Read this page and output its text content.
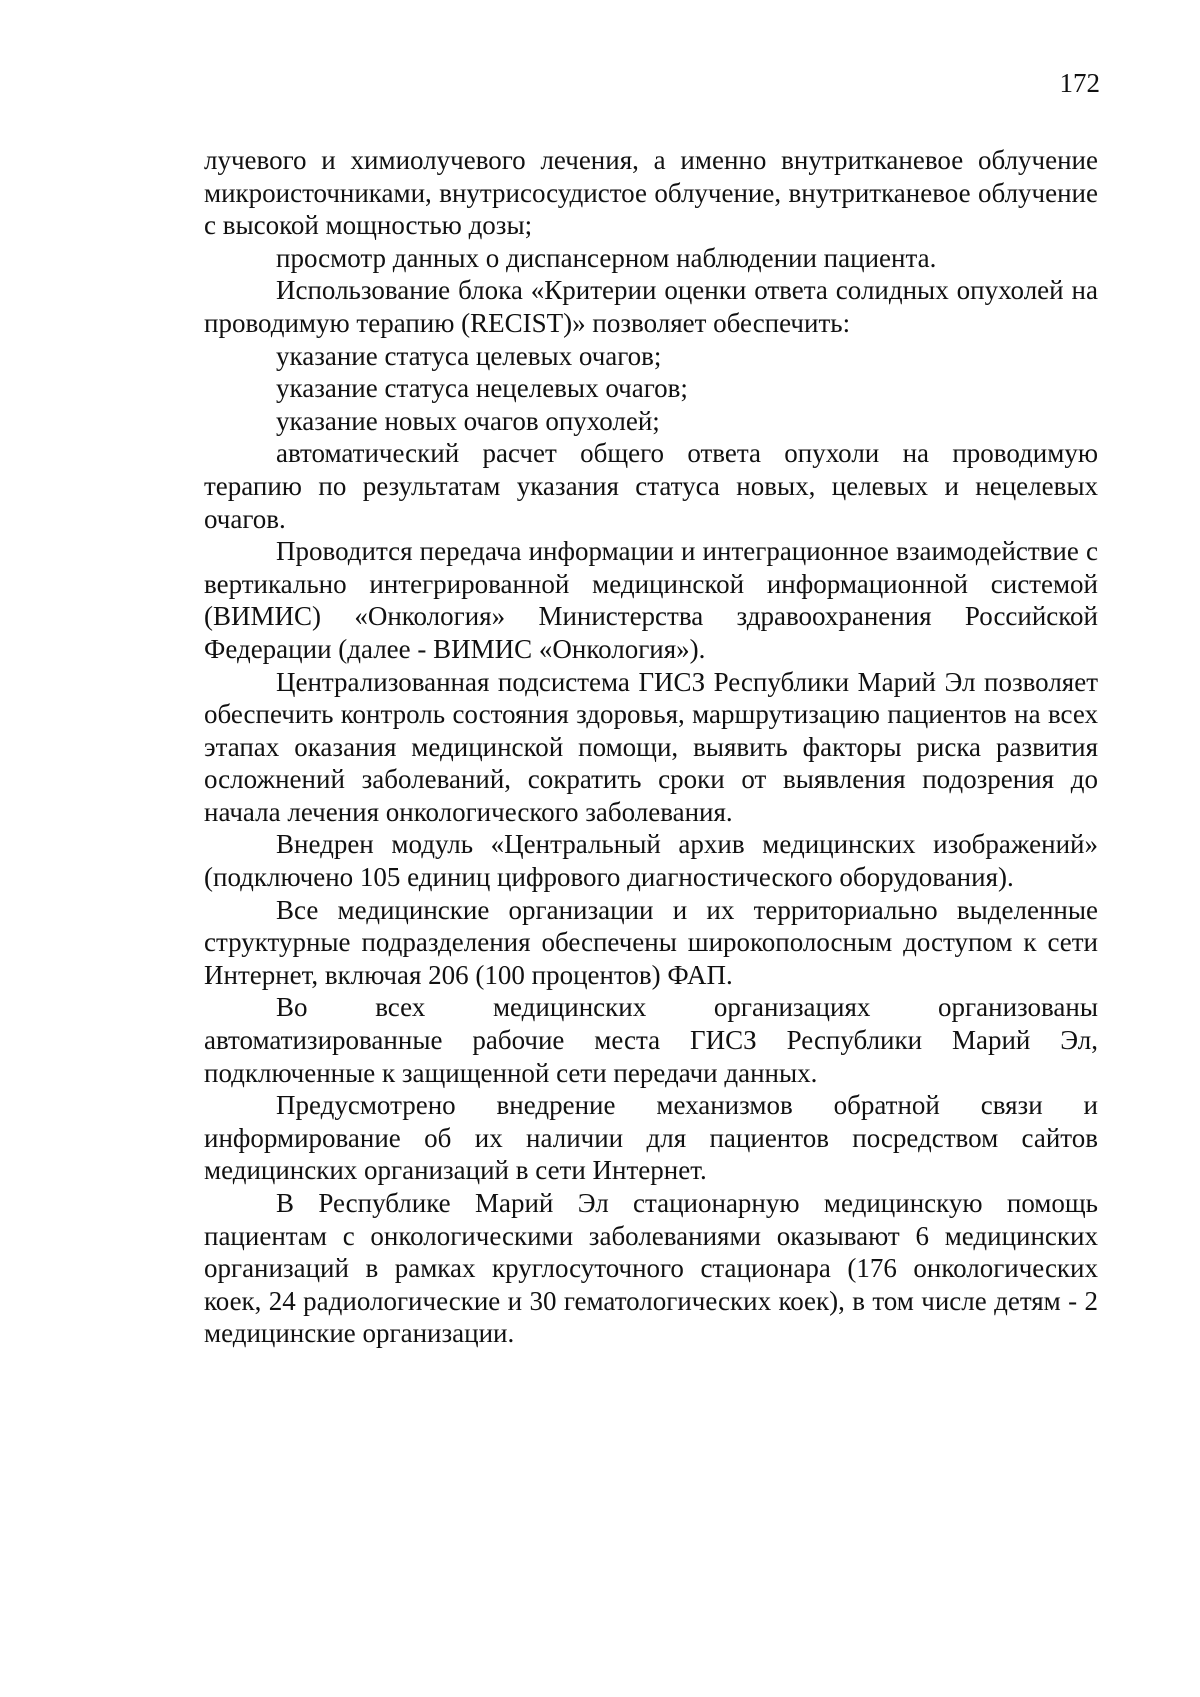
172

лучевого и химиолучевого лечения, а именно внутритканевое облучение микроисточниками, внутрисосудистое облучение, внутритканевое облучение с высокой мощностью дозы;

просмотр данных о диспансерном наблюдении пациента.

Использование блока «Критерии оценки ответа солидных опухолей на проводимую терапию (RECIST)» позволяет обеспечить:

указание статуса целевых очагов;

указание статуса нецелевых очагов;

указание новых очагов опухолей;

автоматический расчет общего ответа опухоли на проводимую терапию по результатам указания статуса новых, целевых и нецелевых очагов.

Проводится передача информации и интеграционное взаимодействие с вертикально интегрированной медицинской информационной системой (ВИМИС) «Онкология» Министерства здравоохранения Российской Федерации (далее - ВИМИС «Онкология»).

Централизованная подсистема ГИСЗ Республики Марий Эл позволяет обеспечить контроль состояния здоровья, маршрутизацию пациентов на всех этапах оказания медицинской помощи, выявить факторы риска развития осложнений заболеваний, сократить сроки от выявления подозрения до начала лечения онкологического заболевания.

Внедрен модуль «Центральный архив медицинских изображений» (подключено 105 единиц цифрового диагностического оборудования).

Все медицинские организации и их территориально выделенные структурные подразделения обеспечены широкополосным доступом к сети Интернет, включая 206 (100 процентов) ФАП.

Во всех медицинских организациях организованы автоматизированные рабочие места ГИСЗ Республики Марий Эл, подключенные к защищенной сети передачи данных.

Предусмотрено внедрение механизмов обратной связи и информирование об их наличии для пациентов посредством сайтов медицинских организаций в сети Интернет.

В Республике Марий Эл стационарную медицинскую помощь пациентам с онкологическими заболеваниями оказывают 6 медицинских организаций в рамках круглосуточного стационара (176 онкологических коек, 24 радиологические и 30 гематологических коек), в том числе детям - 2 медицинские организации.
